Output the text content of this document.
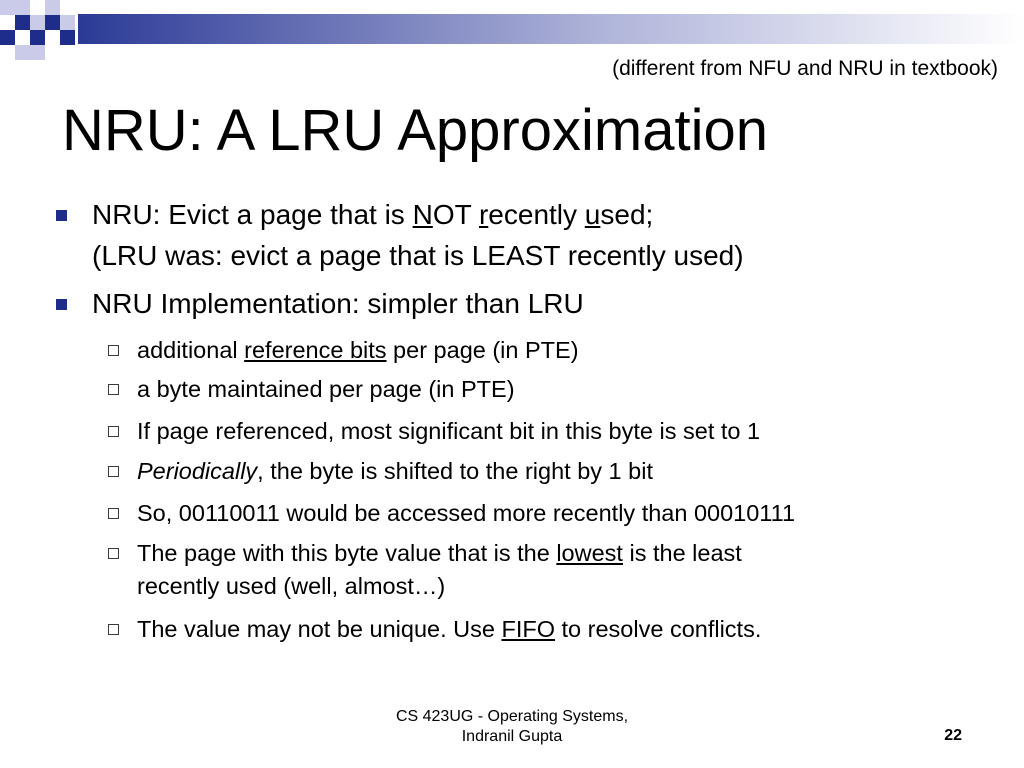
(different from NFU and NRU in textbook)
NRU: A LRU Approximation
NRU: Evict a page that is NOT recently used;
(LRU was: evict a page that is LEAST recently used)
NRU Implementation: simpler than LRU
additional reference bits per page (in PTE)
a byte maintained per page (in PTE)
If page referenced, most significant bit in this byte is set to 1
Periodically, the byte is shifted to the right by 1 bit
So, 00110011 would be accessed more recently than 00010111
The page with this byte value that is the lowest is the least
recently used (well, almost…)
The value may not be unique. Use FIFO to resolve conflicts.
CS 423UG - Operating Systems,
Indranil Gupta	22
